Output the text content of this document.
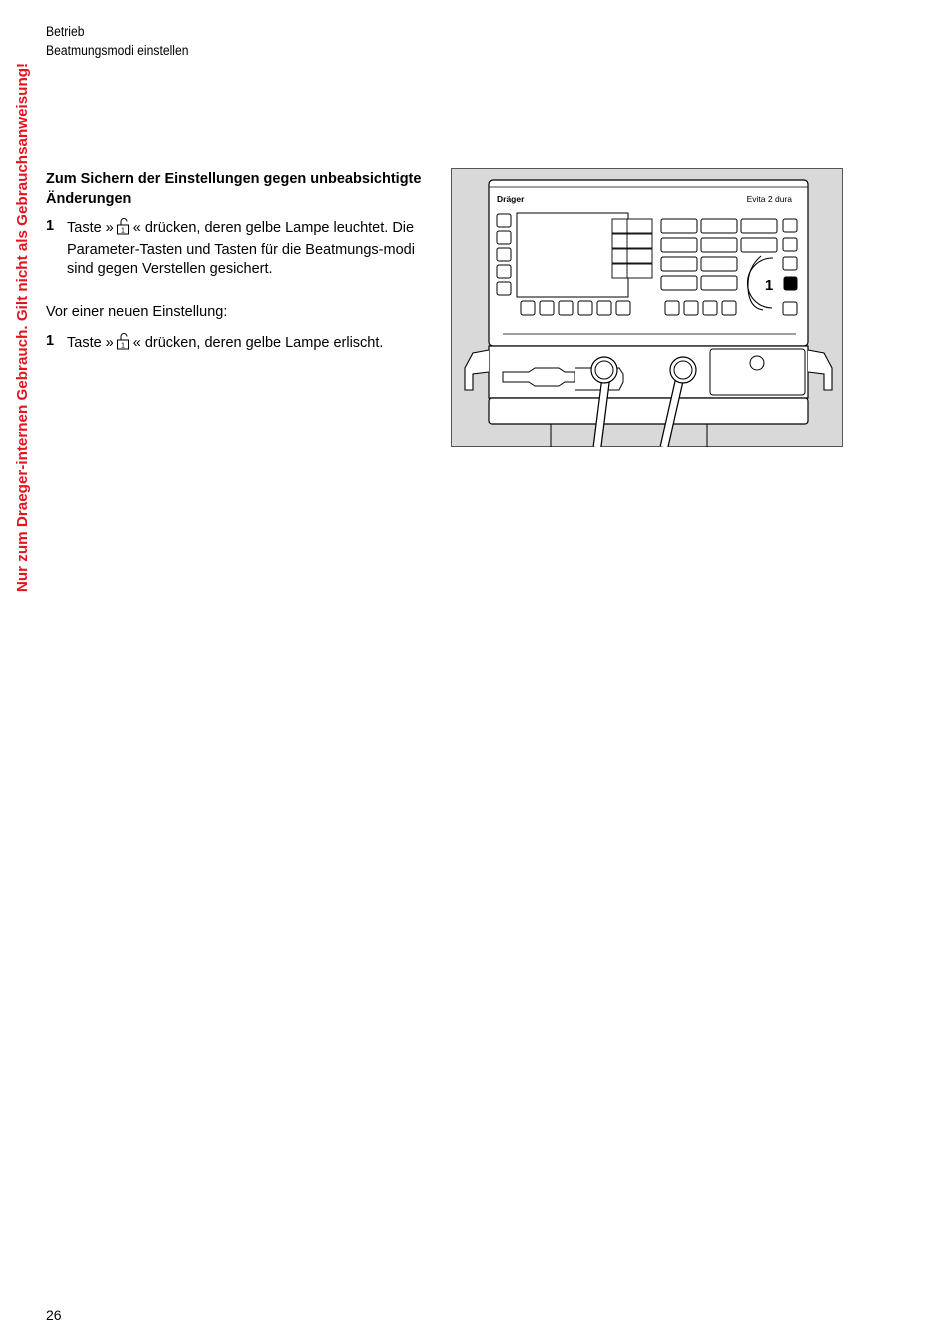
Nur zum Draeger-internen Gebrauch. Gilt nicht als Gebrauchsanweisung!
Betrieb
Beatmungsmodi einstellen
Zum Sichern der Einstellungen gegen unbeabsichtigte Änderungen
1 Taste » 1 « drücken, deren gelbe Lampe leuchtet. Die Parameter-Tasten und Tasten für die Beatmungs-modi sind gegen Verstellen gesichert.
Vor einer neuen Einstellung:
1 Taste » 1 « drücken, deren gelbe Lampe erlischt.
Dräger	Evita 2 dura
1
26
